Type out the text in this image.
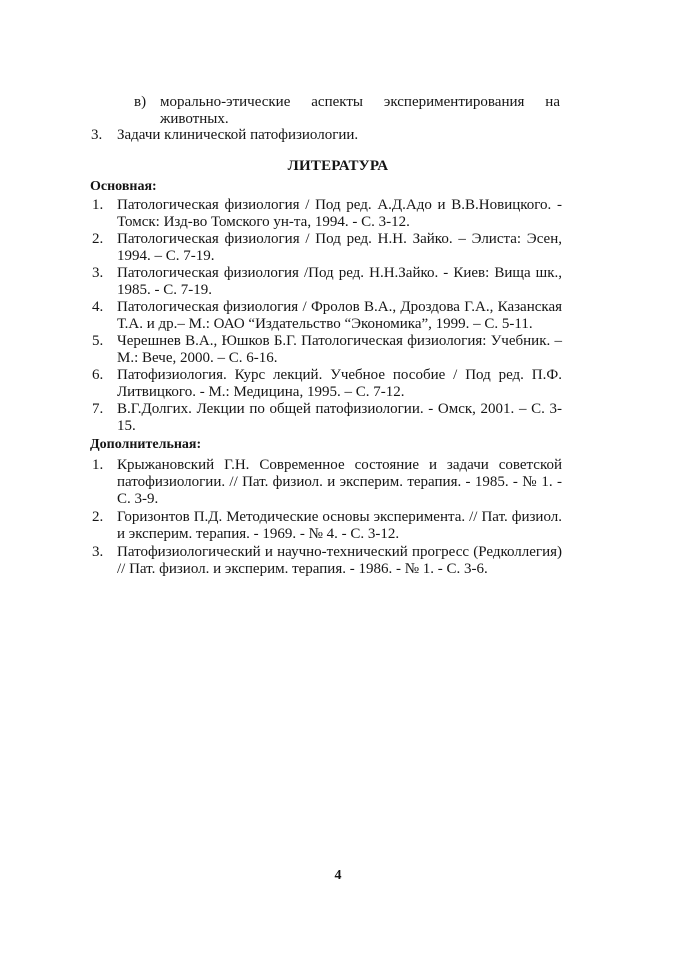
в) морально-этические аспекты экспериментирования на
животных.
3. Задачи клинической патофизиологии.
ЛИТЕРАТУРА
Основная:
1. Патологическая физиология / Под ред. А.Д.Адо и В.В.Новицкого. -
Томск: Изд-во Томского ун-та, 1994. - С. 3-12.
2. Патологическая физиология / Под ред. Н.Н. Зайко. – Элиста: Эсен,
1994. – С. 7-19.
3. Патологическая физиология /Под ред. Н.Н.Зайко. - Киев: Вища шк.,
1985. - С. 7-19.
4. Патологическая физиология / Фролов В.А., Дроздова Г.А., Казанская
Т.А. и др.– М.: ОАО “Издательство “Экономика”, 1999. – С. 5-11.
5. Черешнев В.А., Юшков Б.Г. Патологическая физиология: Учебник. –
М.: Вече, 2000. – С. 6-16.
6. Патофизиология. Курс лекций. Учебное пособие / Под ред. П.Ф.
Литвицкого. - М.: Медицина, 1995. – С. 7-12.
7. В.Г.Долгих. Лекции по общей патофизиологии. - Омск, 2001. – С. 3-
15.
Дополнительная:
1. Крыжановский Г.Н. Современное состояние и задачи советской
патофизиологии. // Пат. физиол. и эксперим. терапия. - 1985. - № 1. -
С. 3-9.
2. Горизонтов П.Д. Методические основы эксперимента. // Пат. физиол.
и эксперим. терапия. - 1969. - № 4. - С. 3-12.
3. Патофизиологический и научно-технический прогресс (Редколлегия)
// Пат. физиол. и эксперим. терапия. - 1986. - № 1. - С. 3-6.
4
